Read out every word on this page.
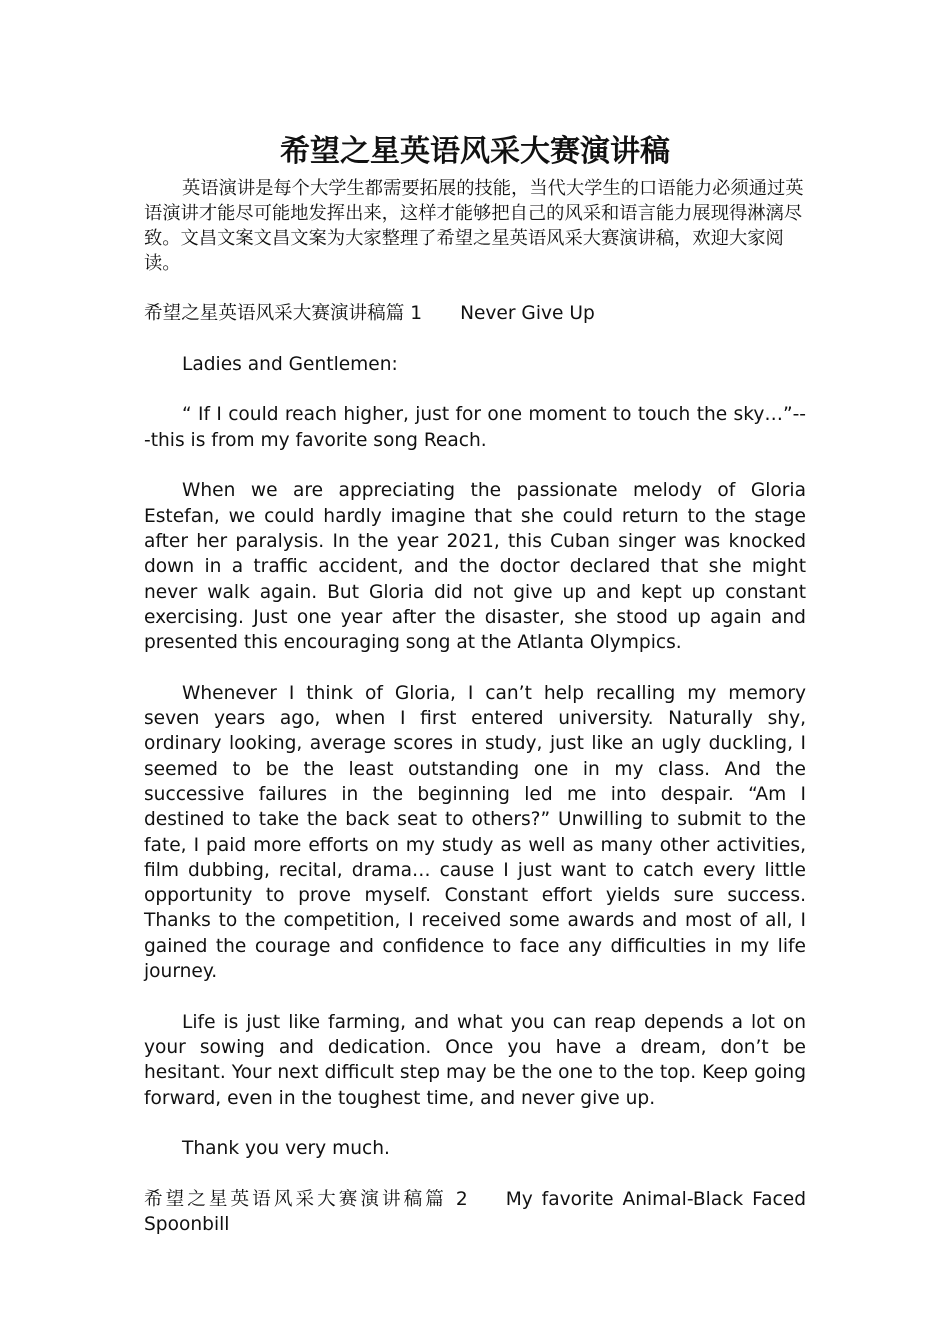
希望之星英语风采大赛演讲稿

英语演讲是每个大学生都需要拓展的技能，当代大学生的口语能力必须通过英语演讲才能尽可能地发挥出来，这样才能够把自己的风采和语言能力展现得淋漓尽致。文昌文案文昌文案为大家整理了希望之星英语风采大赛演讲稿，欢迎大家阅读。

希望之星英语风采大赛演讲稿篇 1 Never Give Up

Ladies and Gentlemen:

“ If I could reach higher, just for one moment to touch the sky…”---this is from my favorite song Reach.

When we are appreciating the passionate melody of Gloria Estefan, we could hardly imagine that she could return to the stage after her paralysis. In the year 2021, this Cuban singer was knocked down in a traffic accident, and the doctor declared that she might never walk again. But Gloria did not give up and kept up constant exercising. Just one year after the disaster, she stood up again and presented this encouraging song at the Atlanta Olympics.

Whenever I think of Gloria, I can’t help recalling my memory seven years ago, when I first entered university. Naturally shy, ordinary looking, average scores in study, just like an ugly duckling, I seemed to be the least outstanding one in my class. And the successive failures in the beginning led me into despair. “Am I destined to take the back seat to others?” Unwilling to submit to the fate, I paid more efforts on my study as well as many other activities, film dubbing, recital, drama… cause I just want to catch every little opportunity to prove myself. Constant effort yields sure success. Thanks to the competition, I received some awards and most of all, I gained the courage and confidence to face any difficulties in my life journey.

Life is just like farming, and what you can reap depends a lot on your sowing and dedication. Once you have a dream, don’t be hesitant. Your next difficult step may be the one to the top. Keep going forward, even in the toughest time, and never give up.

Thank you very much.

希望之星英语风采大赛演讲稿篇 2 My favorite Animal-Black Faced Spoonbill
